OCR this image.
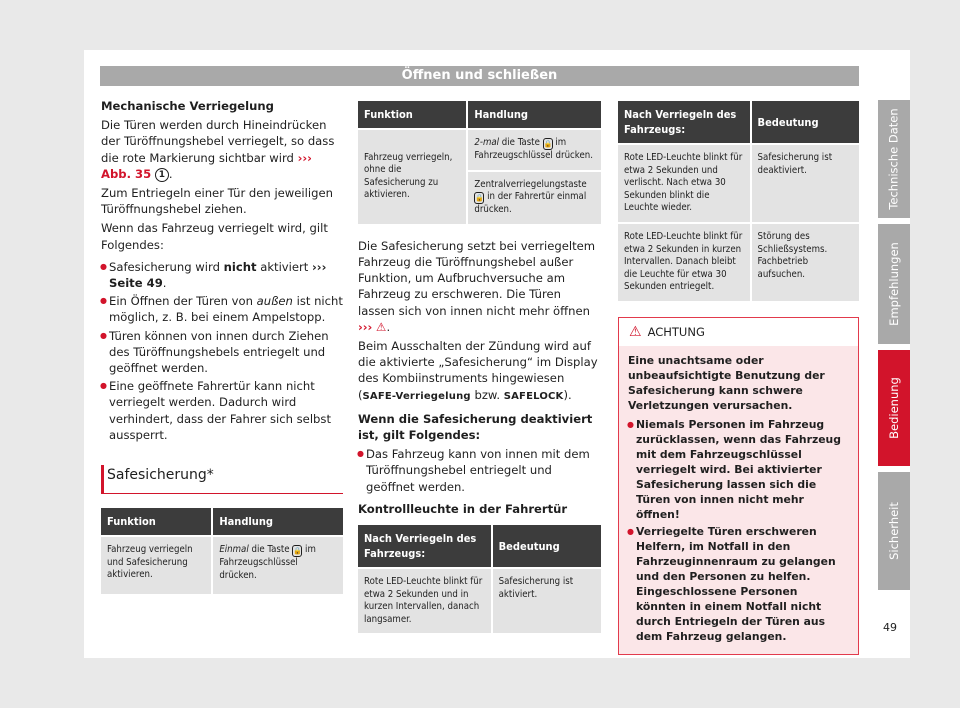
Öffnen und schließen

Mechanische Verriegelung

Die Türen werden durch Hineindrücken der Türöffnungshebel verriegelt, so dass die rote Markierung sichtbar wird ››› Abb. 35 1 .

Zum Entriegeln einer Tür den jeweiligen Türöffnungshebel ziehen.

Wenn das Fahrzeug verriegelt wird, gilt Folgendes:

● Safesicherung wird nicht aktiviert ››› Seite 49.
● Ein Öffnen der Türen von außen ist nicht möglich, z. B. bei einem Ampelstopp.
● Türen können von innen durch Ziehen des Türöffnungshebels entriegelt und geöffnet werden.
● Eine geöffnete Fahrertür kann nicht verriegelt werden. Dadurch wird verhindert, dass der Fahrer sich selbst aussperrt.
Safesicherung*
Funktion	Handlung
Fahrzeug verriegeln und Safesicherung aktivieren.	Einmal die Taste 🔒 im Fahrzeugschlüssel drücken.
Funktion	Handlung
Fahrzeug verriegeln, ohne die Safesicherung zu aktivieren.	2-mal die Taste 🔒 im Fahrzeugschlüssel drücken.
	Zentralverriegelungstaste 🔒 in der Fahrertür einmal drücken.

Die Safesicherung setzt bei verriegeltem Fahrzeug die Türöffnungshebel außer Funktion, um Aufbruchversuche am Fahrzeug zu erschweren. Die Türen lassen sich von innen nicht mehr öffnen ››› ⚠.

Beim Ausschalten der Zündung wird auf die aktivierte „Safesicherung“ im Display des Kombiinstruments hingewiesen (SAFE-Verriegelung bzw. SAFELOCK).

Wenn die Safesicherung deaktiviert ist, gilt Folgendes:

● Das Fahrzeug kann von innen mit dem Türöffnungshebel entriegelt und geöffnet werden.

Kontrollleuchte in der Fahrertür

Nach Verriegeln des Fahrzeugs:	Bedeutung
Rote LED-Leuchte blinkt für etwa 2 Sekunden und in kurzen Intervallen, danach langsamer.	Safesicherung ist aktiviert.
Nach Verriegeln des Fahrzeugs:	Bedeutung
Rote LED-Leuchte blinkt für etwa 2 Sekunden und verlischt. Nach etwa 30 Sekunden blinkt die Leuchte wieder.	Safesicherung ist deaktiviert.
Rote LED-Leuchte blinkt für etwa 2 Sekunden in kurzen Intervallen. Danach bleibt die Leuchte für etwa 30 Sekunden entriegelt.	Störung des Schließsystems. Fachbetrieb aufsuchen.
⚠ ACHTUNG

Eine unachtsame oder unbeaufsichtigte Benutzung der Safesicherung kann schwere Verletzungen verursachen.

● Niemals Personen im Fahrzeug zurücklassen, wenn das Fahrzeug mit dem Fahrzeugschlüssel verriegelt wird. Bei aktivierter Safesicherung lassen sich die Türen von innen nicht mehr öffnen!
● Verriegelte Türen erschweren Helfern, im Notfall in den Fahrzeuginnenraum zu gelangen und den Personen zu helfen. Eingeschlossene Personen könnten in einem Notfall nicht durch Entriegeln der Türen aus dem Fahrzeug gelangen.
Technische Daten
Empfehlungen
Bedienung
Sicherheit
49
